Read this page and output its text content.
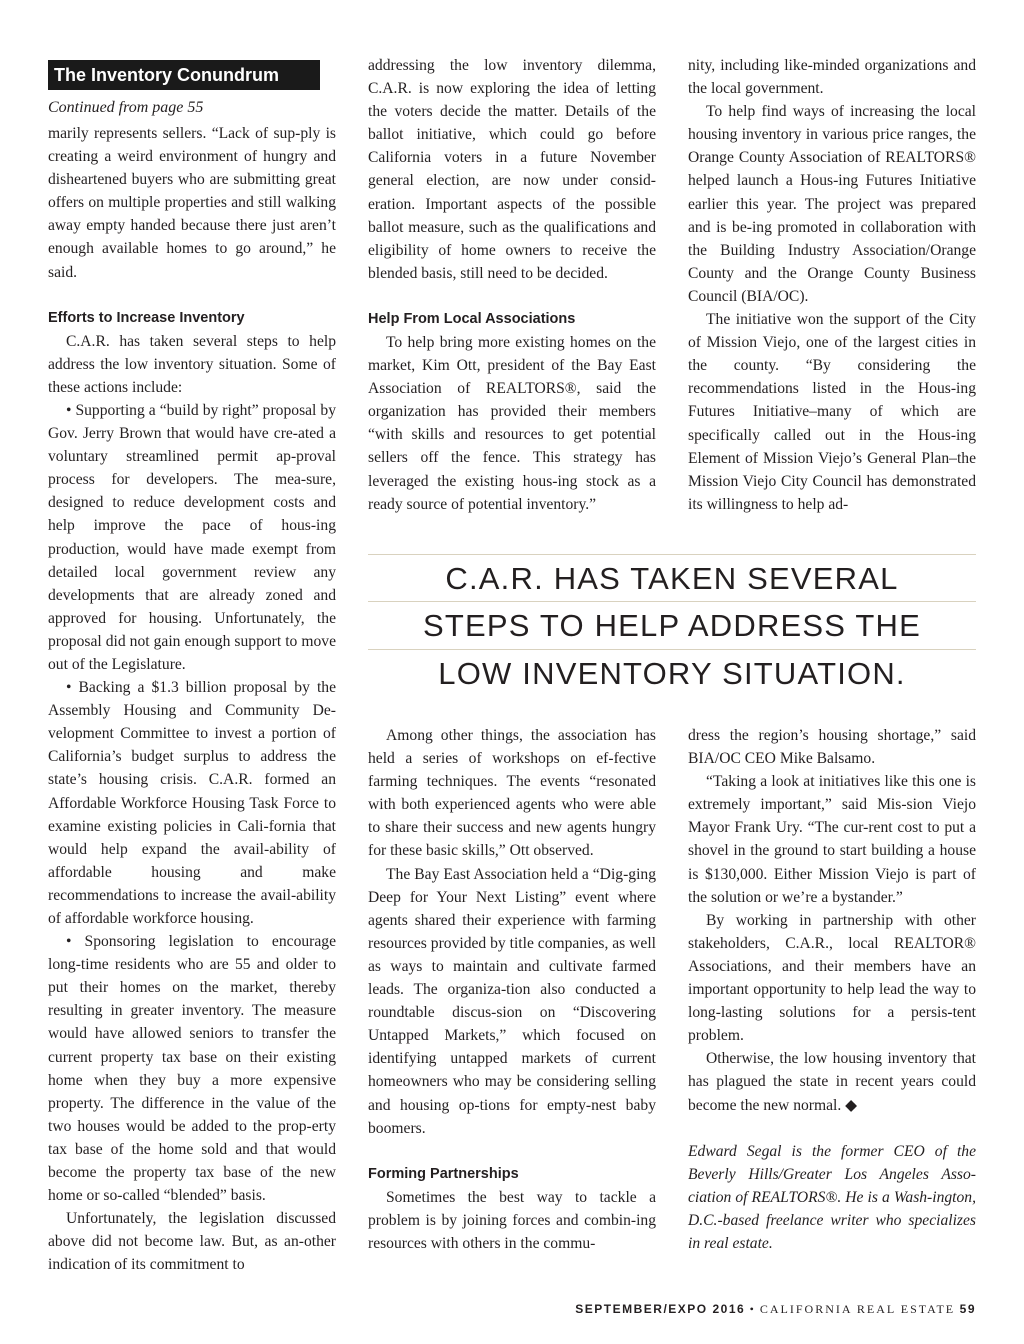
The Inventory Conundrum
Continued from page 55

marily represents sellers. “Lack of sup-ply is creating a weird environment of hungry and disheartened buyers who are submitting great offers on multiple properties and still walking away empty handed because there just aren’t enough available homes to go around,” he said.

Efforts to Increase Inventory

C.A.R. has taken several steps to help address the low inventory situation. Some of these actions include:

• Supporting a “build by right” proposal by Gov. Jerry Brown that would have cre-ated a voluntary streamlined permit ap-proval process for developers. The mea-sure, designed to reduce development costs and help improve the pace of hous-ing production, would have made exempt from detailed local government review any developments that are already zoned and approved for housing. Unfortunately, the proposal did not gain enough support to move out of the Legislature.

• Backing a $1.3 billion proposal by the Assembly Housing and Community De-velopment Committee to invest a portion of California’s budget surplus to address the state’s housing crisis. C.A.R. formed an Affordable Workforce Housing Task Force to examine existing policies in Cali-fornia that would help expand the avail-ability of affordable housing and make recommendations to increase the avail-ability of affordable workforce housing.

• Sponsoring legislation to encourage long-time residents who are 55 and older to put their homes on the market, thereby resulting in greater inventory. The measure would have allowed seniors to transfer the current property tax base on their existing home when they buy a more expensive property. The difference in the value of the two houses would be added to the prop-erty tax base of the home sold and that would become the property tax base of the new home or so-called “blended” basis.

Unfortunately, the legislation discussed above did not become law. But, as an-other indication of its commitment to

addressing the low inventory dilemma, C.A.R. is now exploring the idea of letting the voters decide the matter. Details of the ballot initiative, which could go before California voters in a future November general election, are now under consid-eration. Important aspects of the possible ballot measure, such as the qualifications and eligibility of home owners to receive the blended basis, still need to be decided.

Help From Local Associations

To help bring more existing homes on the market, Kim Ott, president of the Bay East Association of REALTORS®, said the organization has provided their members “with skills and resources to get potential sellers off the fence. This strategy has leveraged the existing hous-ing stock as a ready source of potential inventory.”

nity, including like-minded organizations and the local government.

To help find ways of increasing the local housing inventory in various price ranges, the Orange County Association of REALTORS® helped launch a Hous-ing Futures Initiative earlier this year. The project was prepared and is be-ing promoted in collaboration with the Building Industry Association/Orange County and the Orange County Business Council (BIA/OC).

The initiative won the support of the City of Mission Viejo, one of the largest cities in the county. “By considering the recommendations listed in the Hous-ing Futures Initiative–many of which are specifically called out in the Hous-ing Element of Mission Viejo’s General Plan–the Mission Viejo City Council has demonstrated its willingness to help ad-

C.A.R. HAS TAKEN SEVERAL
STEPS TO HELP ADDRESS THE
LOW INVENTORY SITUATION.

Among other things, the association has held a series of workshops on ef-fective farming techniques. The events “resonated with both experienced agents who were able to share their success and new agents hungry for these basic skills,” Ott observed.

The Bay East Association held a “Dig-ging Deep for Your Next Listing” event where agents shared their experience with farming resources provided by title companies, as well as ways to maintain and cultivate farmed leads. The organiza-tion also conducted a roundtable discus-sion on “Discovering Untapped Markets,” which focused on identifying untapped markets of current homeowners who may be considering selling and housing op-tions for empty-nest baby boomers.

Forming Partnerships

Sometimes the best way to tackle a problem is by joining forces and combin-ing resources with others in the commu-

dress the region’s housing shortage,” said BIA/OC CEO Mike Balsamo.

“Taking a look at initiatives like this one is extremely important,” said Mis-sion Viejo Mayor Frank Ury. “The cur-rent cost to put a shovel in the ground to start building a house is $130,000. Either Mission Viejo is part of the solution or we’re a bystander.”

By working in partnership with other stakeholders, C.A.R., local REALTOR® Associations, and their members have an important opportunity to help lead the way to long-lasting solutions for a persis-tent problem.

Otherwise, the low housing inventory that has plagued the state in recent years could become the new normal. ◆

Edward Segal is the former CEO of the Beverly Hills/Greater Los Angeles Asso-ciation of REALTORS®. He is a Wash-ington, D.C.-based freelance writer who specializes in real estate.

SEPTEMBER/EXPO 2016 • CALIFORNIA REAL ESTATE 59
